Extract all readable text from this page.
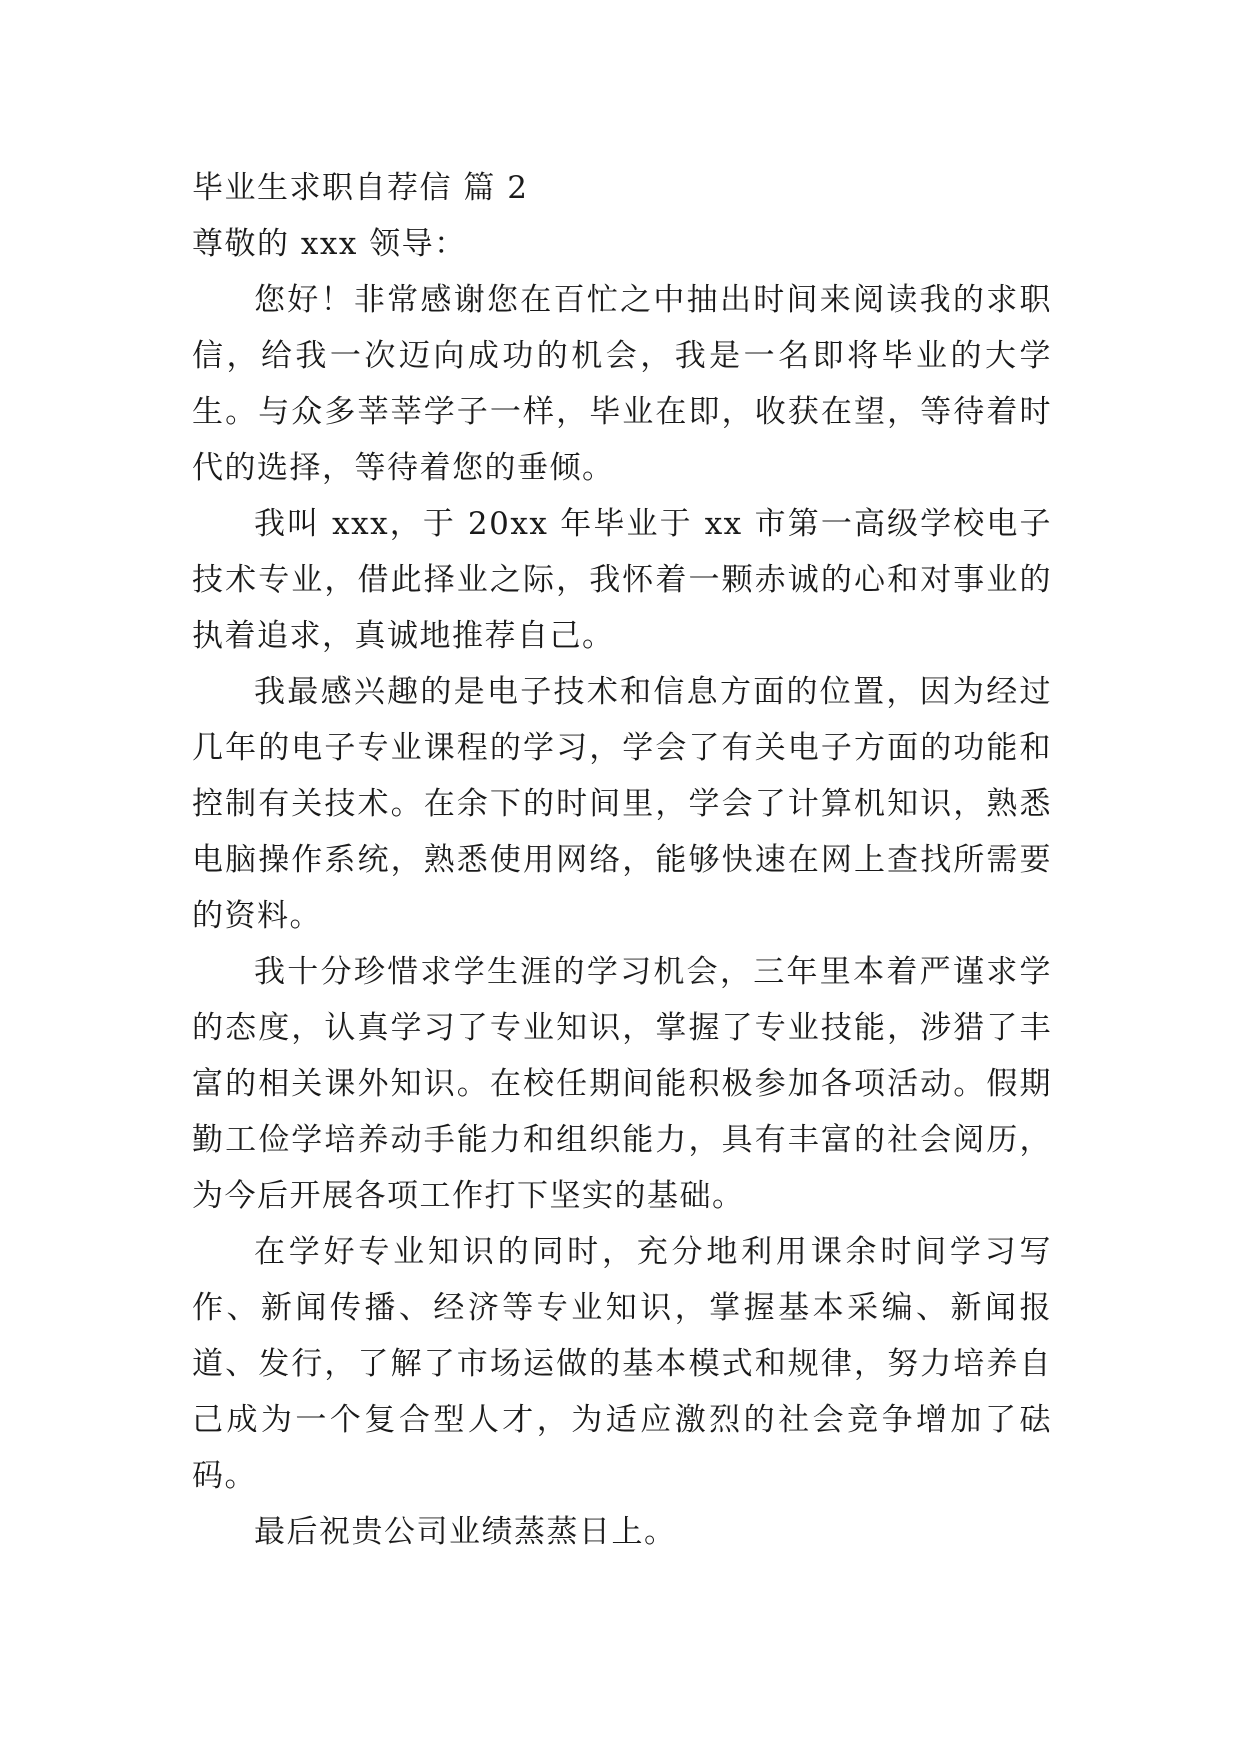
毕业生求职自荐信 篇 2

尊敬的 xxx 领导：

您好！非常感谢您在百忙之中抽出时间来阅读我的求职信，给我一次迈向成功的机会，我是一名即将毕业的大学生。与众多莘莘学子一样，毕业在即，收获在望，等待着时代的选择，等待着您的垂倾。

我叫 xxx，于 20xx 年毕业于 xx 市第一高级学校电子技术专业，借此择业之际，我怀着一颗赤诚的心和对事业的执着追求，真诚地推荐自己。

我最感兴趣的是电子技术和信息方面的位置，因为经过几年的电子专业课程的学习，学会了有关电子方面的功能和控制有关技术。在余下的时间里，学会了计算机知识，熟悉电脑操作系统，熟悉使用网络，能够快速在网上查找所需要的资料。

我十分珍惜求学生涯的学习机会，三年里本着严谨求学的态度，认真学习了专业知识，掌握了专业技能，涉猎了丰富的相关课外知识。在校任期间能积极参加各项活动。假期勤工俭学培养动手能力和组织能力，具有丰富的社会阅历，为今后开展各项工作打下坚实的基础。

在学好专业知识的同时，充分地利用课余时间学习写作、新闻传播、经济等专业知识，掌握基本采编、新闻报道、发行，了解了市场运做的基本模式和规律，努力培养自己成为一个复合型人才，为适应激烈的社会竞争增加了砝码。

最后祝贵公司业绩蒸蒸日上。
